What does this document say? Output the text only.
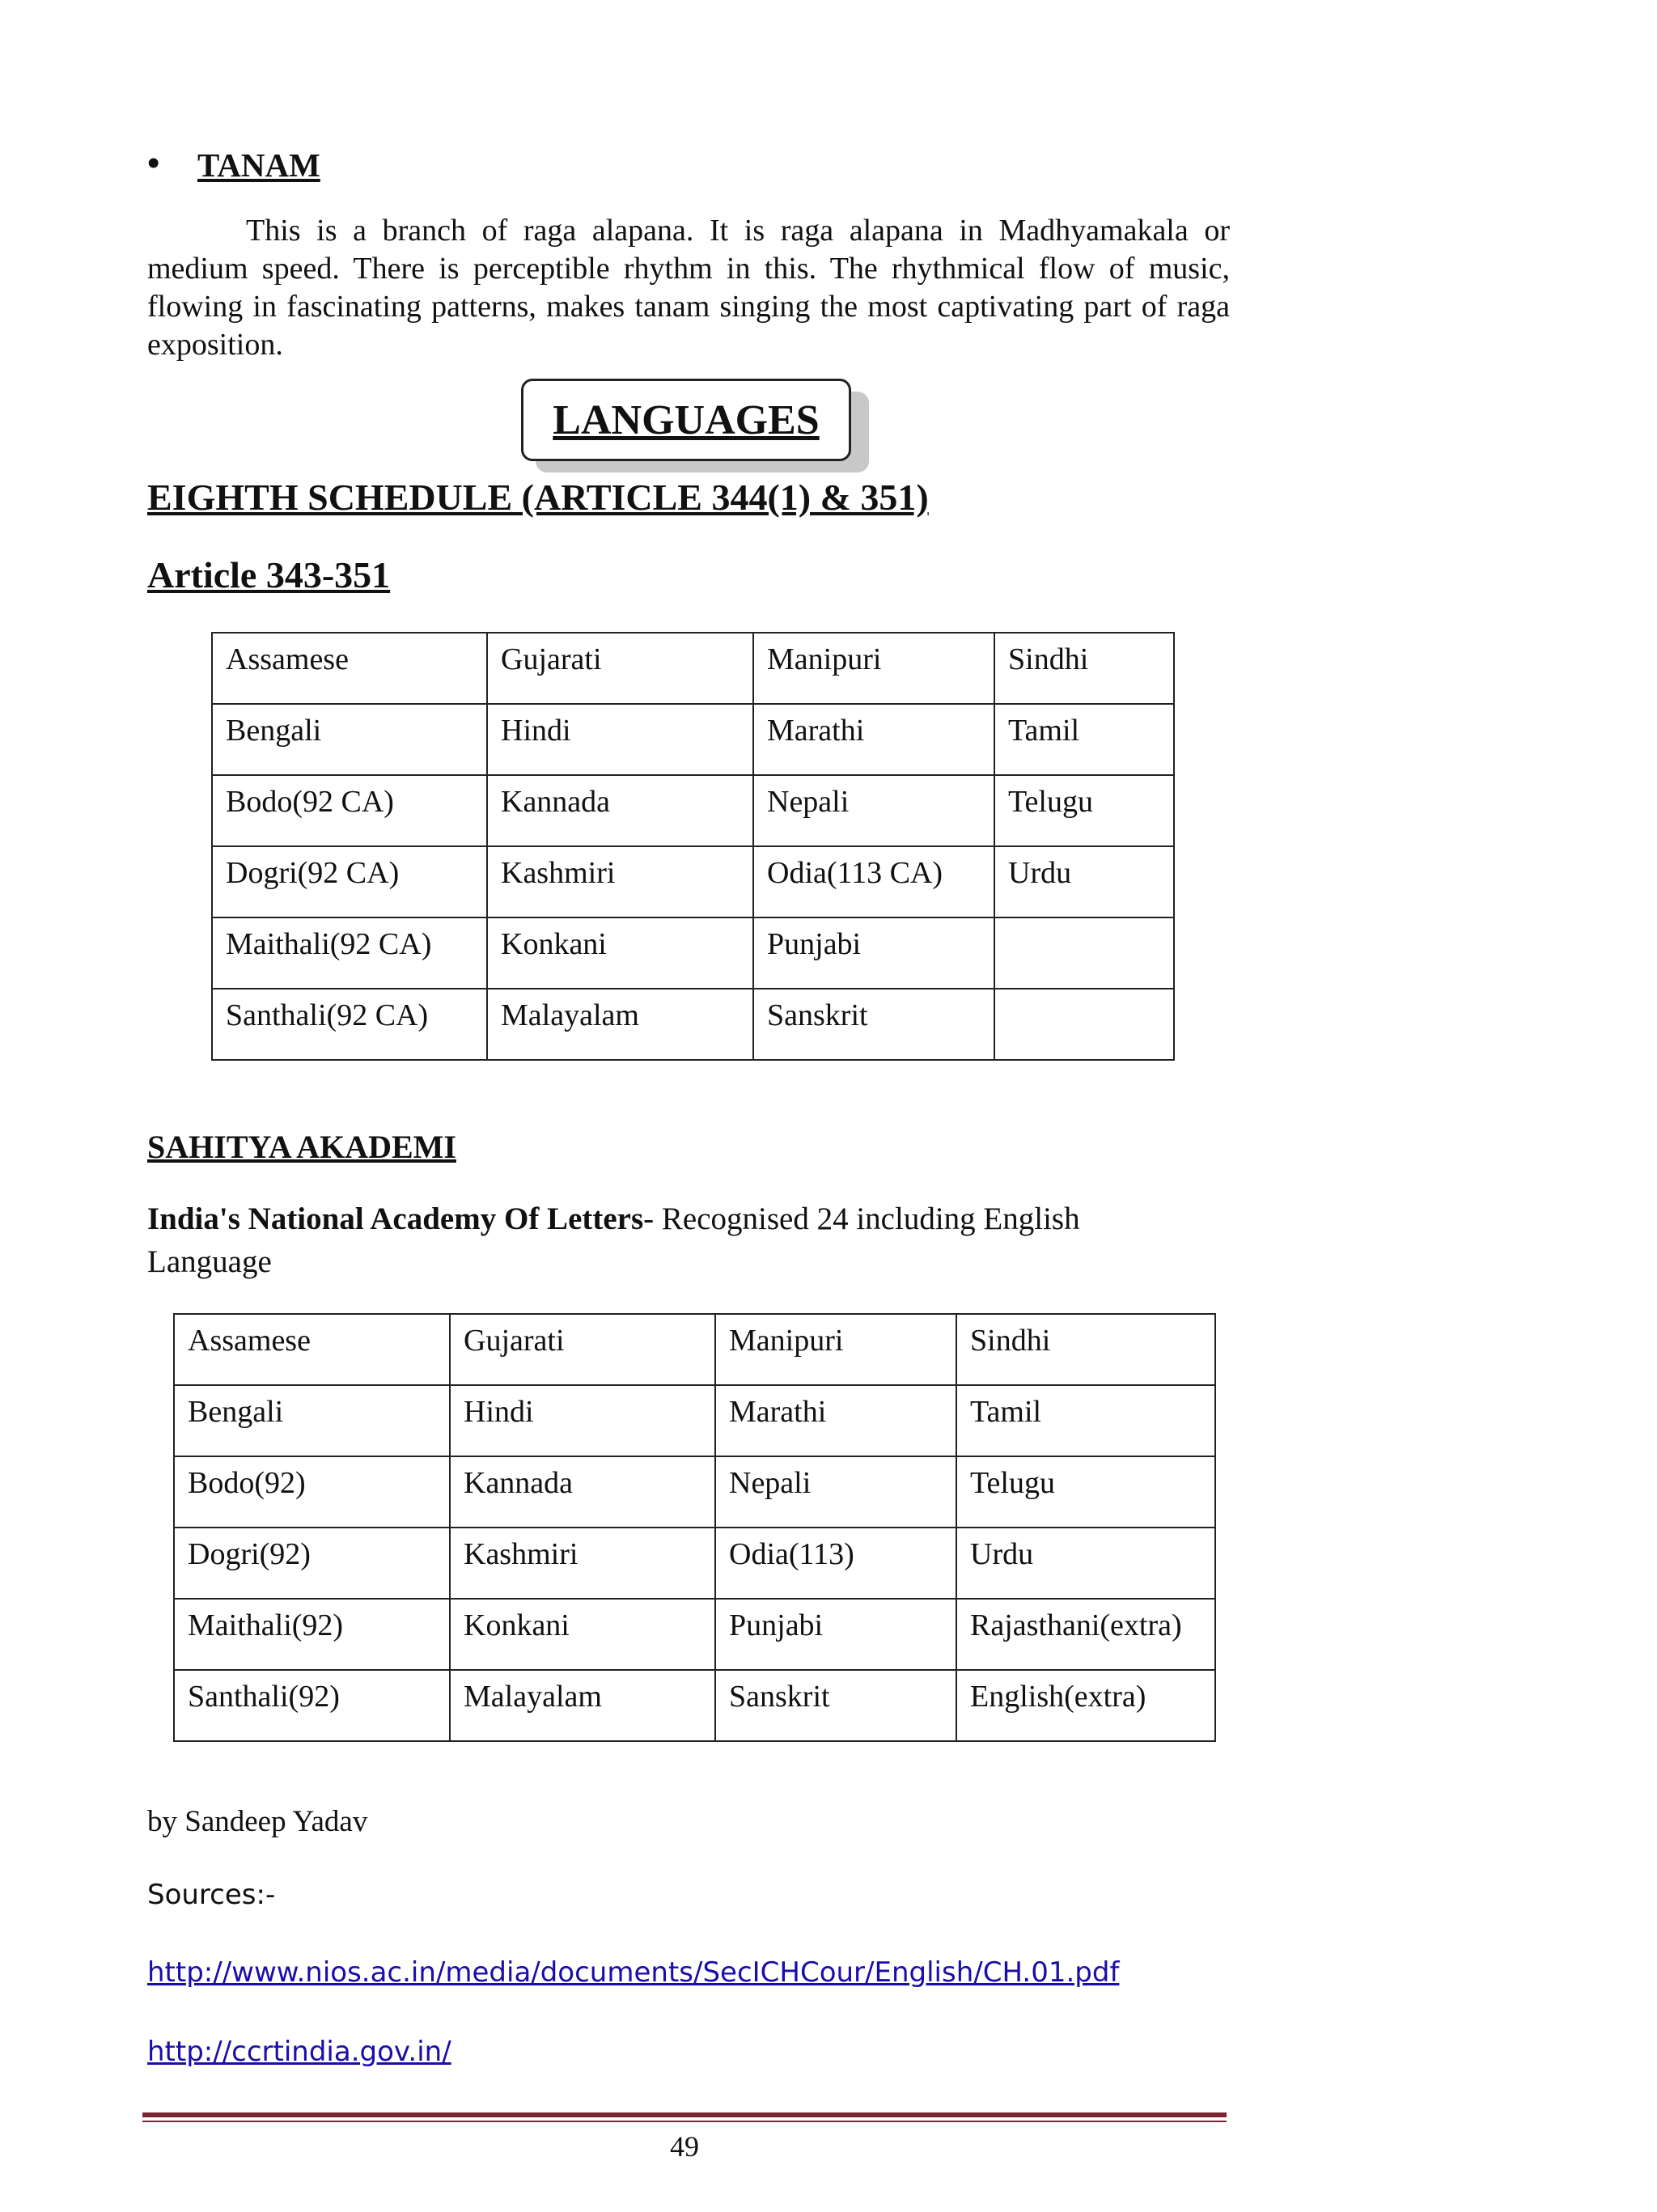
• TANAM
This is a branch of raga alapana. It is raga alapana in Madhyamakala or medium speed. There is perceptible rhythm in this. The rhythmical flow of music, flowing in fascinating patterns, makes tanam singing the most captivating part of raga exposition.
LANGUAGES
EIGHTH SCHEDULE (ARTICLE 344(1) & 351)
Article 343-351
Assamese	Gujarati	Manipuri	Sindhi
Bengali	Hindi	Marathi	Tamil
Bodo(92 CA)	Kannada	Nepali	Telugu
Dogri(92 CA)	Kashmiri	Odia(113 CA)	Urdu
Maithali(92 CA)	Konkani	Punjabi	
Santhali(92 CA)	Malayalam	Sanskrit	
SAHITYA AKADEMI
India's National Academy Of Letters- Recognised 24 including English Language
Assamese	Gujarati	Manipuri	Sindhi
Bengali	Hindi	Marathi	Tamil
Bodo(92)	Kannada	Nepali	Telugu
Dogri(92)	Kashmiri	Odia(113)	Urdu
Maithali(92)	Konkani	Punjabi	Rajasthani(extra)
Santhali(92)	Malayalam	Sanskrit	English(extra)
by Sandeep Yadav
Sources:-
http://www.nios.ac.in/media/documents/SecICHCour/English/CH.01.pdf
http://ccrtindia.gov.in/
49
